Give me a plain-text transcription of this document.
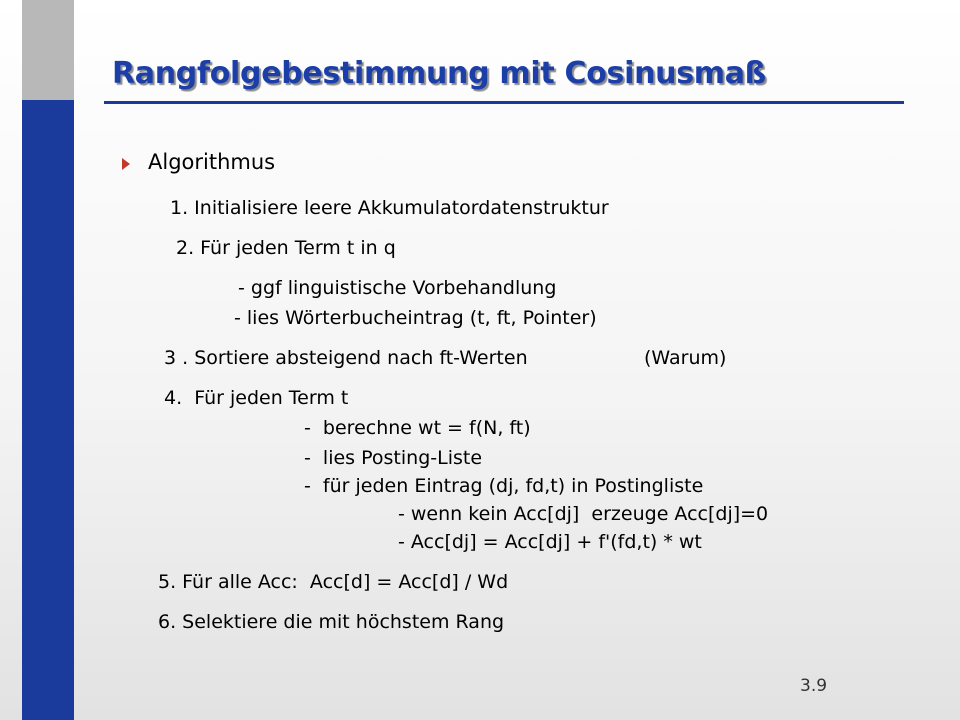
Rangfolgebestimmung mit Cosinusmaß
Algorithmus
1. Initialisiere leere Akkumulatordatenstruktur
2. Für jeden Term t in q
- ggf linguistische Vorbehandlung
- lies Wörterbucheintrag (t, ft, Pointer)
3 . Sortiere absteigend nach ft-Werten	(Warum)
4.  Für jeden Term t
-  berechne wt = f(N, ft)
-  lies Posting-Liste
-  für jeden Eintrag (dj, fd,t) in Postingliste
- wenn kein Acc[dj]  erzeuge Acc[dj]=0
- Acc[dj] = Acc[dj] + f'(fd,t) * wt
5. Für alle Acc:  Acc[d] = Acc[d] / Wd
6. Selektiere die mit höchstem Rang
3.9
